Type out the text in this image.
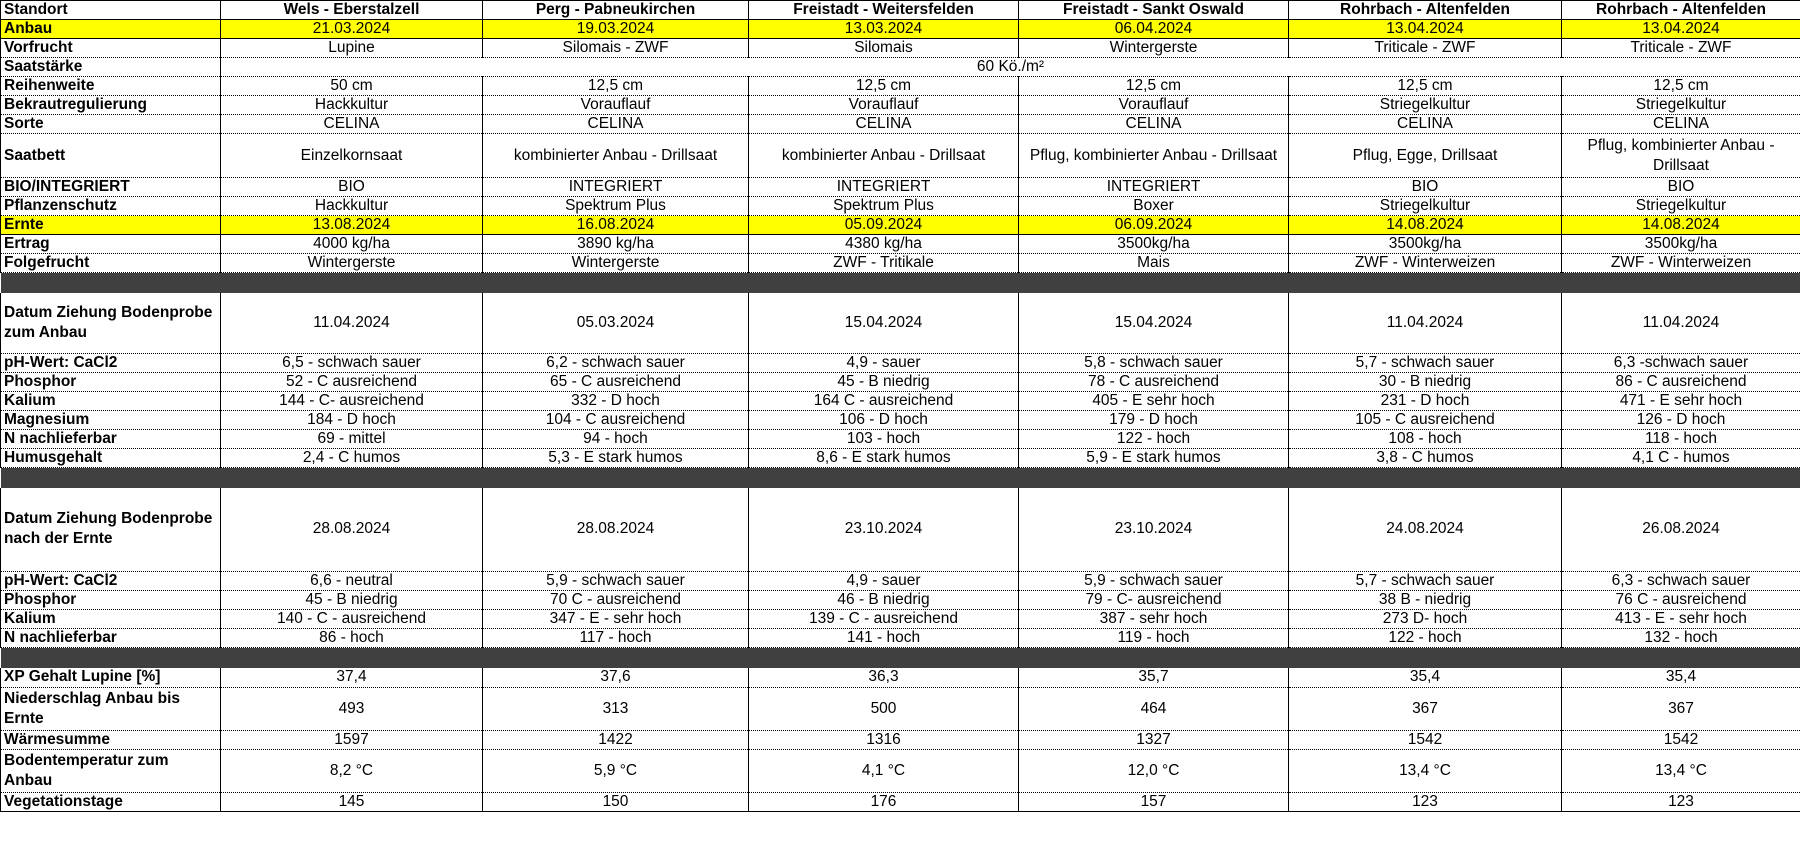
Standort	Wels - Eberstalzell	Perg - Pabneukirchen	Freistadt - Weitersfelden	Freistadt - Sankt Oswald	Rohrbach - Altenfelden	Rohrbach - Altenfelden
Anbau	21.03.2024	19.03.2024	13.03.2024	06.04.2024	13.04.2024	13.04.2024
Vorfrucht	Lupine	Silomais - ZWF	Silomais	Wintergerste	Triticale - ZWF	Triticale - ZWF
Saatstärke	60 Kö./m²					
Reihenweite	50 cm	12,5 cm	12,5 cm	12,5 cm	12,5 cm	12,5 cm
Bekrautregulierung	Hackkultur	Vorauflauf	Vorauflauf	Vorauflauf	Striegelkultur	Striegelkultur
Sorte	CELINA	CELINA	CELINA	CELINA	CELINA	CELINA
Saatbett	Einzelkornsaat	kombinierter Anbau - Drillsaat	kombinierter Anbau - Drillsaat	Pflug, kombinierter Anbau - Drillsaat	Pflug, Egge, Drillsaat	Pflug, kombinierter Anbau - Drillsaat
BIO/INTEGRIERT	BIO	INTEGRIERT	INTEGRIERT	INTEGRIERT	BIO	BIO
Pflanzenschutz	Hackkultur	Spektrum Plus	Spektrum Plus	Boxer	Striegelkultur	Striegelkultur
Ernte	13.08.2024	16.08.2024	05.09.2024	06.09.2024	14.08.2024	14.08.2024
Ertrag	4000 kg/ha	3890 kg/ha	4380 kg/ha	3500kg/ha	3500kg/ha	3500kg/ha
Folgefrucht	Wintergerste	Wintergerste	ZWF - Tritikale	Mais	ZWF - Winterweizen	ZWF - Winterweizen

Datum Ziehung Bodenprobe zum Anbau	11.04.2024	05.03.2024	15.04.2024	15.04.2024	11.04.2024	11.04.2024
pH-Wert: CaCl2	6,5 - schwach sauer	6,2 - schwach sauer	4,9 - sauer	5,8 - schwach sauer	5,7 - schwach sauer	6,3 -schwach sauer
Phosphor	52 - C ausreichend	65 - C ausreichend	45 - B niedrig	78 - C ausreichend	30 - B niedrig	86 - C ausreichend
Kalium	144 - C- ausreichend	332 - D hoch	164 C - ausreichend	405 - E sehr hoch	231 - D hoch	471 - E sehr hoch
Magnesium	184 - D hoch	104 - C ausreichend	106 - D hoch	179 - D hoch	105 - C ausreichend	126 - D hoch
N nachlieferbar	69 - mittel	94 - hoch	103 - hoch	122 - hoch	108 - hoch	118 - hoch
Humusgehalt	2,4 - C humos	5,3 - E stark humos	8,6 - E stark humos	5,9 - E stark humos	3,8 - C humos	4,1 C - humos

Datum Ziehung Bodenprobe nach der Ernte	28.08.2024	28.08.2024	23.10.2024	23.10.2024	24.08.2024	26.08.2024
pH-Wert: CaCl2	6,6 - neutral	5,9 - schwach sauer	4,9 - sauer	5,9 - schwach sauer	5,7 - schwach sauer	6,3 - schwach sauer
Phosphor	45 - B niedrig	70 C - ausreichend	46 - B niedrig	79 - C- ausreichend	38 B - niedrig	76 C - ausreichend
Kalium	140 - C - ausreichend	347 - E - sehr hoch	139 - C - ausreichend	387 - sehr hoch	273 D- hoch	413 - E - sehr hoch
N nachlieferbar	86 - hoch	117 - hoch	141 - hoch	119 - hoch	122 - hoch	132 - hoch

XP Gehalt Lupine [%]	37,4	37,6	36,3	35,7	35,4	35,4
Niederschlag Anbau bis Ernte	493	313	500	464	367	367
Wärmesumme	1597	1422	1316	1327	1542	1542
Bodentemperatur zum Anbau	8,2 °C	5,9 °C	4,1 °C	12,0 °C	13,4 °C	13,4 °C
Vegetationstage	145	150	176	157	123	123
